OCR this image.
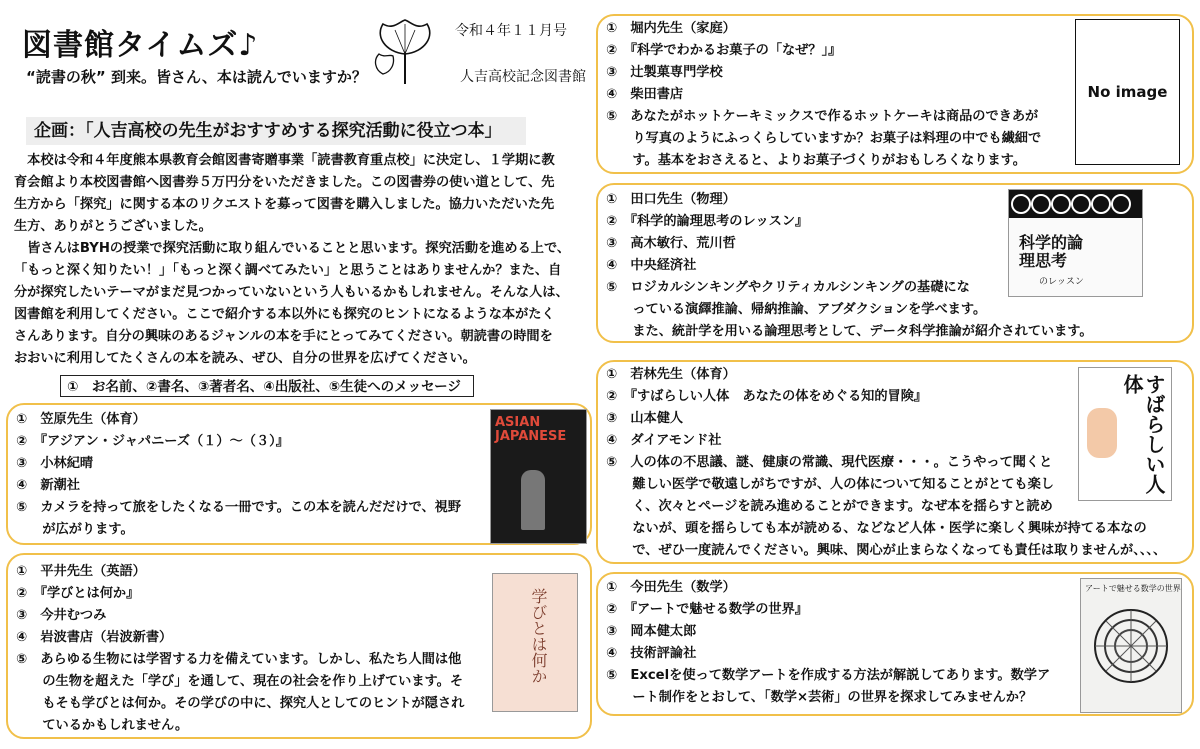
図書館タイムズ♪
“読書の秋” 到来。皆さん、本は読んでいますか？
令和４年１１月号
人吉高校記念図書館
企画：「人吉高校の先生がおすすめする探究活動に役立つ本」
　本校は令和４年度熊本県教育会館図書寄贈事業「読書教育重点校」に決定し、１学期に教
育会館より本校図書館へ図書券５万円分をいただきました。この図書券の使い道として、先
生方から「探究」に関する本のリクエストを募って図書を購入しました。協力いただいた先
生方、ありがとうございました。
　皆さんはBYHの授業で探究活動に取り組んでいることと思います。探究活動を進める上で、
「もっと深く知りたい！」「もっと深く調べてみたい」と思うことはありませんか？また、自
分が探究したいテーマがまだ見つかっていないという人もいるかもしれません。そんな人は、
図書館を利用してください。ここで紹介する本以外にも探究のヒントになるような本がたく
さんあります。自分の興味のあるジャンルの本を手にとってみてください。朝読書の時間を
おおいに利用してたくさんの本を読み、ぜひ、自分の世界を広げてください。
①　お名前、②書名、③著者名、④出版社、⑤生徒へのメッセージ
①　笠原先生（体育）
②　『アジアン・ジャパニーズ（１）～（３）』
③　小林紀晴
④　新潮社
⑤　カメラを持って旅をしたくなる一冊です。この本を読んだだけで、視野
　　が広がります。
ASIAN JAPANESE
①　平井先生（英語）
②　『学びとは何か』
③　今井むつみ
④　岩波書店（岩波新書）
⑤　あらゆる生物には学習する力を備えています。しかし、私たち人間は他
　　の生物を超えた「学び」を通して、現在の社会を作り上げています。そ
　　もそも学びとは何か。その学びの中に、探究人としてのヒントが隠され
　　ているかもしれません。
学びとは何か
①　堀内先生（家庭）
②　『科学でわかるお菓子の「なぜ？」』
③　辻製菓専門学校
④　柴田書店
⑤　あなたがホットケーキミックスで作るホットケーキは商品のできあが
　　り写真のようにふっくらしていますか？お菓子は料理の中でも繊細で
　　す。基本をおさえると、よりお菓子づくりがおもしろくなります。
No image
①　田口先生（物理）
②　『科学的論理思考のレッスン』
③　高木敏行、荒川哲
④　中央経済社
⑤　ロジカルシンキングやクリティカルシンキングの基礎にな
　　っている演繹推論、帰納推論、アブダクションを学べます。
　　また、統計学を用いる論理思考として、データ科学推論が紹介されています。
科学的論理思考
のレッスン
①　若林先生（体育）
②　『すばらしい人体　あなたの体をめぐる知的冒険』
③　山本健人
④　ダイアモンド社
⑤　人の体の不思議、謎、健康の常識、現代医療・・・。こうやって聞くと
　　難しい医学で敬遠しがちですが、人の体について知ることがとても楽し
　　く、次々とページを読み進めることができます。なぜ本を揺らすと読め
　　ないが、頭を揺らしても本が読める、などなど人体・医学に楽しく興味が持てる本なの
　　で、ぜひ一度読んでください。興味、関心が止まらなくなっても責任は取りませんが、、、、
すばらしい人体
①　今田先生（数学）
②　『アートで魅せる数学の世界』
③　岡本健太郎
④　技術評論社
⑤　Excelを使って数学アートを作成する方法が解説してあります。数学ア
　　ート制作をとおして、「数学×芸術」の世界を探求してみませんか？
アートで魅せる数学の世界
